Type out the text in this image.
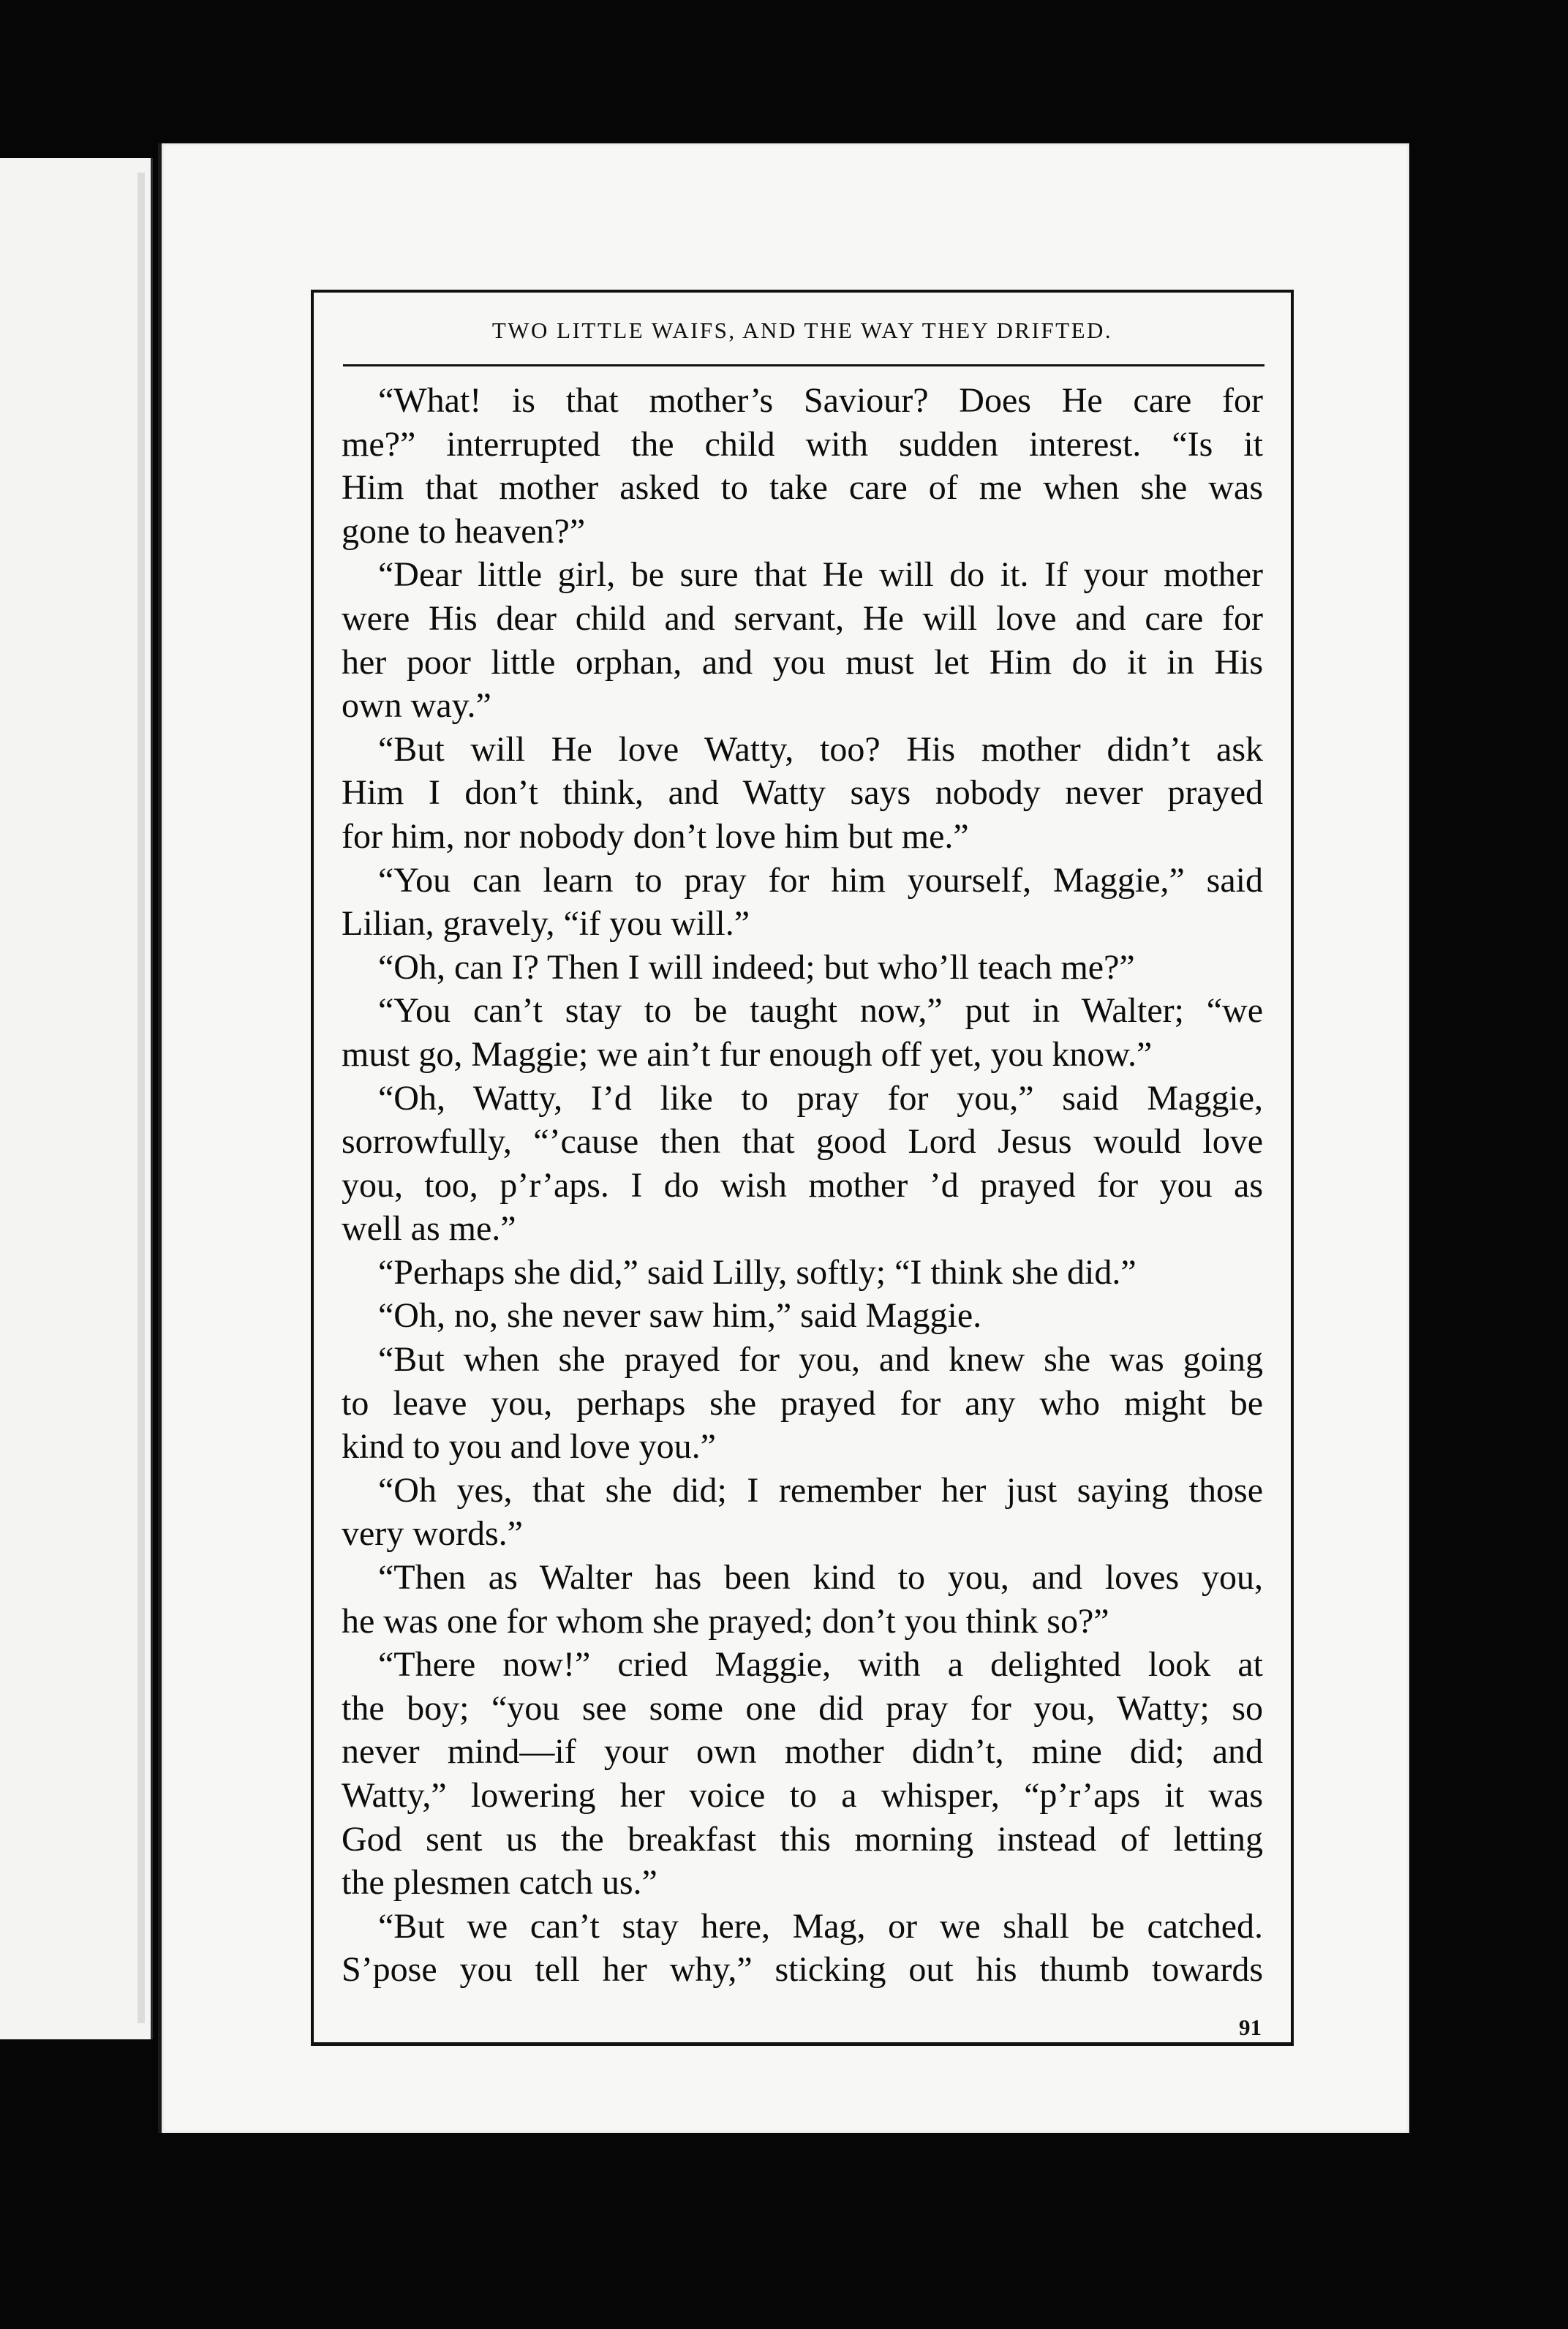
TWO LITTLE WAIFS, AND THE WAY THEY DRIFTED.
“What! is that mother’s Saviour? Does He care for
me?” interrupted the child with sudden interest. “Is it
Him that mother asked to take care of me when she was
gone to heaven?”
“Dear little girl, be sure that He will do it. If your mother
were His dear child and servant, He will love and care for
her poor little orphan, and you must let Him do it in His
own way.”
“But will He love Watty, too? His mother didn’t ask
Him I don’t think, and Watty says nobody never prayed
for him, nor nobody don’t love him but me.”
“You can learn to pray for him yourself, Maggie,” said
Lilian, gravely, “if you will.”
“Oh, can I? Then I will indeed; but who’ll teach me?”
“You can’t stay to be taught now,” put in Walter; “we
must go, Maggie; we ain’t fur enough off yet, you know.”
“Oh, Watty, I’d like to pray for you,” said Maggie,
sorrowfully, “’cause then that good Lord Jesus would love
you, too, p’r’aps. I do wish mother ’d prayed for you as
well as me.”
“Perhaps she did,” said Lilly, softly; “I think she did.”
“Oh, no, she never saw him,” said Maggie.
“But when she prayed for you, and knew she was going
to leave you, perhaps she prayed for any who might be
kind to you and love you.”
“Oh yes, that she did; I remember her just saying those
very words.”
“Then as Walter has been kind to you, and loves you,
he was one for whom she prayed; don’t you think so?”
“There now!” cried Maggie, with a delighted look at
the boy; “you see some one did pray for you, Watty; so
never mind—if your own mother didn’t, mine did; and
Watty,” lowering her voice to a whisper, “p’r’aps it was
God sent us the breakfast this morning instead of letting
the plesmen catch us.”
“But we can’t stay here, Mag, or we shall be catched.
S’pose you tell her why,” sticking out his thumb towards
91
